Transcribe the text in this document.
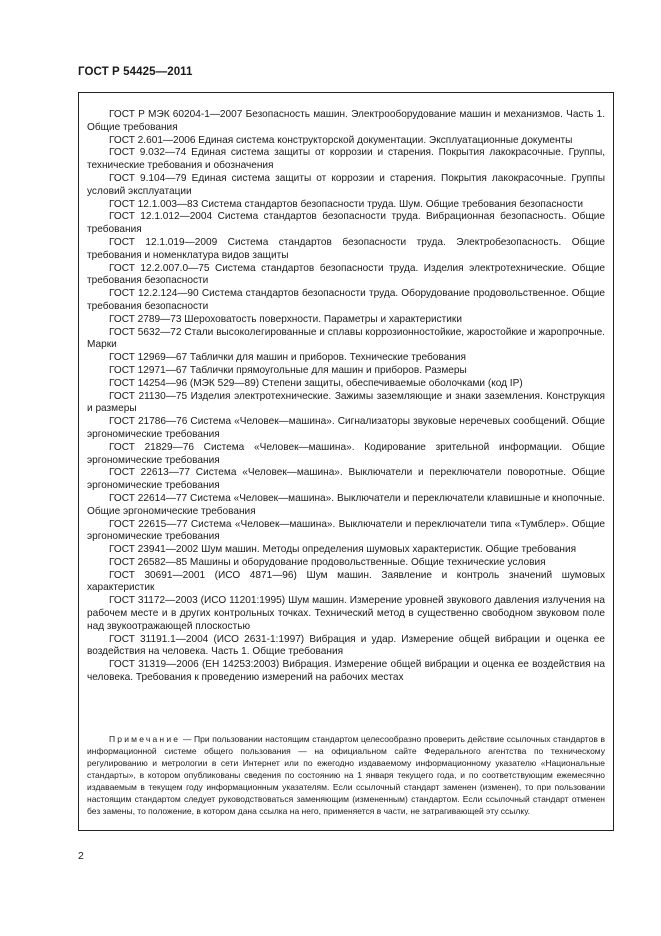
ГОСТ Р 54425—2011

ГОСТ Р МЭК 60204-1—2007 Безопасность машин. Электрооборудование машин и механизмов. Часть 1. Общие требования

ГОСТ 2.601—2006 Единая система конструкторской документации. Эксплуатационные документы

ГОСТ 9.032—74 Единая система защиты от коррозии и старения. Покрытия лакокрасочные. Группы, технические требования и обозначения

ГОСТ 9.104—79 Единая система защиты от коррозии и старения. Покрытия лакокрасочные. Группы условий эксплуатации

ГОСТ 12.1.003—83 Система стандартов безопасности труда. Шум. Общие требования безопасности

ГОСТ 12.1.012—2004 Система стандартов безопасности труда. Вибрационная безопасность. Общие требования

ГОСТ 12.1.019—2009 Система стандартов безопасности труда. Электробезопасность. Общие требования и номенклатура видов защиты

ГОСТ 12.2.007.0—75 Система стандартов безопасности труда. Изделия электротехнические. Общие требования безопасности

ГОСТ 12.2.124—90 Система стандартов безопасности труда. Оборудование продовольственное. Общие требования безопасности

ГОСТ 2789—73 Шероховатость поверхности. Параметры и характеристики

ГОСТ 5632—72 Стали высоколегированные и сплавы коррозионностойкие, жаростойкие и жаропрочные. Марки

ГОСТ 12969—67 Таблички для машин и приборов. Технические требования

ГОСТ 12971—67 Таблички прямоугольные для машин и приборов. Размеры

ГОСТ 14254—96 (МЭК 529—89) Степени защиты, обеспечиваемые оболочками (код IP)

ГОСТ 21130—75 Изделия электротехнические. Зажимы заземляющие и знаки заземления. Конструкция и размеры

ГОСТ 21786—76 Система «Человек—машина». Сигнализаторы звуковые неречевых сообщений. Общие эргономические требования

ГОСТ 21829—76 Система «Человек—машина». Кодирование зрительной информации. Общие эргономические требования

ГОСТ 22613—77 Система «Человек—машина». Выключатели и переключатели поворотные. Общие эргономические требования

ГОСТ 22614—77 Система «Человек—машина». Выключатели и переключатели клавишные и кнопочные. Общие эргономические требования

ГОСТ 22615—77 Система «Человек—машина». Выключатели и переключатели типа «Тумблер». Общие эргономические требования

ГОСТ 23941—2002 Шум машин. Методы определения шумовых характеристик. Общие требования

ГОСТ 26582—85 Машины и оборудование продовольственные. Общие технические условия

ГОСТ 30691—2001 (ИСО 4871—96) Шум машин. Заявление и контроль значений шумовых характеристик

ГОСТ 31172—2003 (ИСО 11201:1995) Шум машин. Измерение уровней звукового давления излучения на рабочем месте и в других контрольных точках. Технический метод в существенно свободном звуковом поле над звукоотражающей плоскостью

ГОСТ 31191.1—2004 (ИСО 2631-1:1997) Вибрация и удар. Измерение общей вибрации и оценка ее воздействия на человека. Часть 1. Общие требования

ГОСТ 31319—2006 (ЕН 14253:2003) Вибрация. Измерение общей вибрации и оценка ее воздействия на человека. Требования к проведению измерений на рабочих местах

Примечание — При пользовании настоящим стандартом целесообразно проверить действие ссылочных стандартов в информационной системе общего пользования — на официальном сайте Федерального агентства по техническому регулированию и метрологии в сети Интернет или по ежегодно издаваемому информационному указателю «Национальные стандарты», в котором опубликованы сведения по состоянию на 1 января текущего года, и по соответствующим ежемесячно издаваемым в текущем году информационным указателям. Если ссылочный стандарт заменен (изменен), то при пользовании настоящим стандартом следует руководствоваться заменяющим (измененным) стандартом. Если ссылочный стандарт отменен без замены, то положение, в котором дана ссылка на него, применяется в части, не затрагивающей эту ссылку.

2
